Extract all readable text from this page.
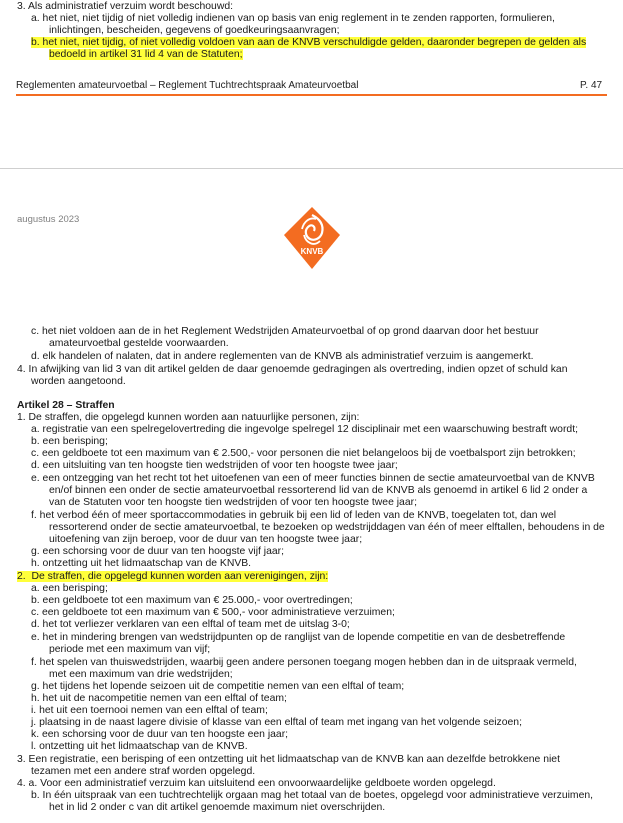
3. Als administratief verzuim wordt beschouwd:
a. het niet, niet tijdig of niet volledig indienen van op basis van enig reglement in te zenden rapporten, formulieren,
inlichtingen, bescheiden, gegevens of goedkeuringsaanvragen;
b. het niet, niet tijdig, of niet volledig voldoen van aan de KNVB verschuldigde gelden, daaronder begrepen de gelden als
bedoeld in artikel 31 lid 4 van de Statuten;
Reglementen amateurvoetbal – Reglement Tuchtrechtspraak Amateurvoetbal	P. 47
augustus 2023
KNVB
c. het niet voldoen aan de in het Reglement Wedstrijden Amateurvoetbal of op grond daarvan door het bestuur
amateurvoetbal gestelde voorwaarden.
d. elk handelen of nalaten, dat in andere reglementen van de KNVB als administratief verzuim is aangemerkt.
4. In afwijking van lid 3 van dit artikel gelden de daar genoemde gedragingen als overtreding, indien opzet of schuld kan
worden aangetoond.
Artikel 28 – Straffen
1. De straffen, die opgelegd kunnen worden aan natuurlijke personen, zijn:
a. registratie van een spelregelovertreding die ingevolge spelregel 12 disciplinair met een waarschuwing bestraft wordt;
b. een berisping;
c. een geldboete tot een maximum van € 2.500,- voor personen die niet belangeloos bij de voetbalsport zijn betrokken;
d. een uitsluiting van ten hoogste tien wedstrijden of voor ten hoogste twee jaar;
e. een ontzegging van het recht tot het uitoefenen van een of meer functies binnen de sectie amateurvoetbal van de KNVB
en/of binnen een onder de sectie amateurvoetbal ressorterend lid van de KNVB als genoemd in artikel 6 lid 2 onder a
van de Statuten voor ten hoogste tien wedstrijden of voor ten hoogste twee jaar;
f. het verbod één of meer sportaccommodaties in gebruik bij een lid of leden van de KNVB, toegelaten tot, dan wel
ressorterend onder de sectie amateurvoetbal, te bezoeken op wedstrijddagen van één of meer elftallen, behoudens in de
uitoefening van zijn beroep, voor de duur van ten hoogste twee jaar;
g. een schorsing voor de duur van ten hoogste vijf jaar;
h. ontzetting uit het lidmaatschap van de KNVB.
2. De straffen, die opgelegd kunnen worden aan verenigingen, zijn:
a. een berisping;
b. een geldboete tot een maximum van € 25.000,- voor overtredingen;
c. een geldboete tot een maximum van € 500,- voor administratieve verzuimen;
d. het tot verliezer verklaren van een elftal of team met de uitslag 3-0;
e. het in mindering brengen van wedstrijdpunten op de ranglijst van de lopende competitie en van de desbetreffende
periode met een maximum van vijf;
f. het spelen van thuiswedstrijden, waarbij geen andere personen toegang mogen hebben dan in de uitspraak vermeld,
met een maximum van drie wedstrijden;
g. het tijdens het lopende seizoen uit de competitie nemen van een elftal of team;
h. het uit de nacompetitie nemen van een elftal of team;
i. het uit een toernooi nemen van een elftal of team;
j. plaatsing in de naast lagere divisie of klasse van een elftal of team met ingang van het volgende seizoen;
k. een schorsing voor de duur van ten hoogste een jaar;
l. ontzetting uit het lidmaatschap van de KNVB.
3. Een registratie, een berisping of een ontzetting uit het lidmaatschap van de KNVB kan aan dezelfde betrokkene niet
tezamen met een andere straf worden opgelegd.
4. a. Voor een administratief verzuim kan uitsluitend een onvoorwaardelijke geldboete worden opgelegd.
b. In één uitspraak van een tuchtrechtelijk orgaan mag het totaal van de boetes, opgelegd voor administratieve verzuimen,
het in lid 2 onder c van dit artikel genoemde maximum niet overschrijden.
